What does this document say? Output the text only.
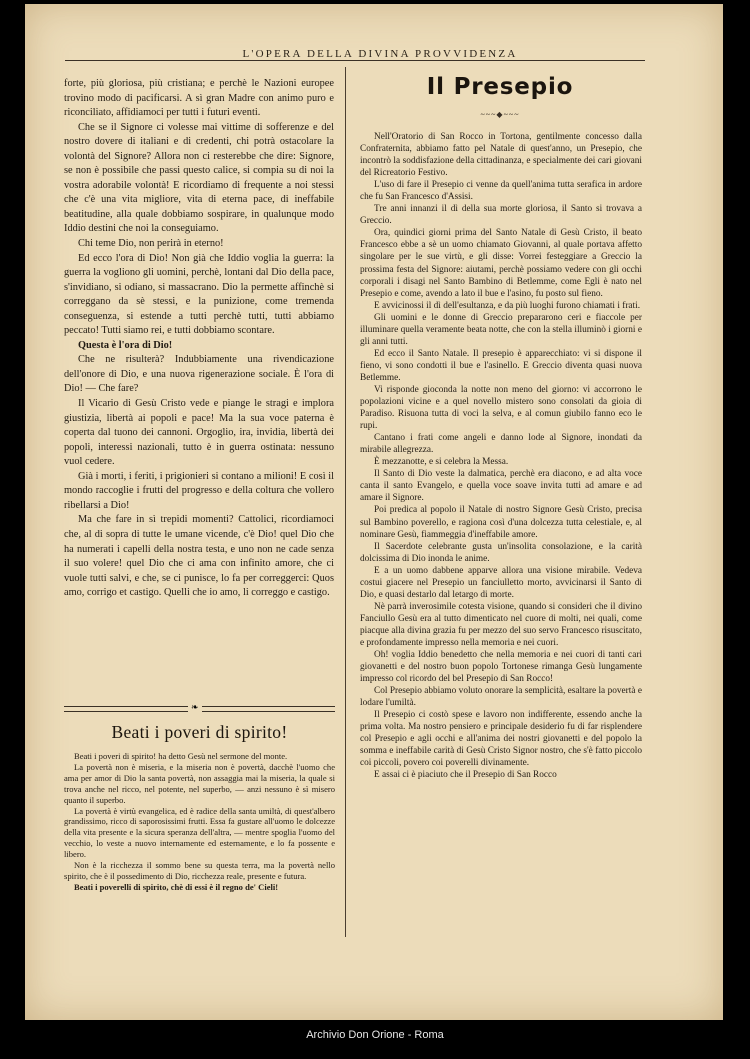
L'OPERA DELLA DIVINA PROVVIDENZA

forte, più gloriosa, più cristiana; e perchè le Nazioni europee trovino modo di pacificarsi. A sì gran Madre con animo puro e riconciliato, affidiamoci per tutti i futuri eventi.

Che se il Signore ci volesse mai vittime di sofferenze e del nostro dovere di italiani e di credenti, chi potrà ostacolare la volontà del Signore? Allora non ci resterebbe che dire: Signore, se non è possibile che passi questo calice, si compia su di noi la vostra adorabile volontà! E ricordiamo di frequente a noi stessi che c'è una vita migliore, vita di eterna pace, di ineffabile beatitudine, alla quale dobbiamo sospirare, in qualunque modo Iddio destini che noi la conseguiamo.

Chi teme Dio, non perirà in eterno!

Ed ecco l'ora di Dio! Non già che Iddio voglia la guerra: la guerra la vogliono gli uomini, perchè, lontani dal Dio della pace, s'invidiano, si odiano, si massacrano. Dio la permette affinchè si correggano da sè stessi, e la punizione, come tremenda conseguenza, si estende a tutti perchè tutti, tutti abbiamo peccato! Tutti siamo rei, e tutti dobbiamo scontare.

Questa è l'ora di Dio!

Che ne risulterà? Indubbiamente una rivendicazione dell'onore di Dio, e una nuova rigenerazione sociale. È l'ora di Dio! — Che fare?

Il Vicario di Gesù Cristo vede e piange le stragi e implora giustizia, libertà ai popoli e pace! Ma la sua voce paterna è coperta dal tuono dei cannoni. Orgoglio, ira, invidia, libertà dei popoli, interessi nazionali, tutto è in guerra ostinata: nessuno vuol cedere.

Già i morti, i feriti, i prigionieri si contano a milioni! E così il mondo raccoglie i frutti del progresso e della coltura che vollero ribellarsi a Dio!

Ma che fare in sì trepidi momenti? Cattolici, ricordiamoci che, al di sopra di tutte le umane vicende, c'è Dio! quel Dio che ha numerati i capelli della nostra testa, e uno non ne cade senza il suo volere! quel Dio che ci ama con infinito amore, che ci vuole tutti salvi, e che, se ci punisce, lo fa per correggerci: Quos amo, corrigo et castigo. Quelli che io amo, li correggo e castigo.

❧
Beati i poveri di spirito!

Beati i poveri di spirito! ha detto Gesù nel sermone del monte.

La povertà non è miseria, e la miseria non è povertà, dacchè l'uomo che ama per amor di Dio la santa povertà, non assaggia mai la miseria, la quale si trova anche nel ricco, nel potente, nel superbo, — anzi nessuno è sì misero quanto il superbo.

La povertà è virtù evangelica, ed è radice della santa umiltà, di quest'albero grandissimo, ricco di saporosissimi frutti. Essa fa gustare all'uomo le dolcezze della vita presente e la sicura speranza dell'altra, — mentre spoglia l'uomo del vecchio, lo veste a nuovo internamente ed esternamente, e lo fa possente e libero.

Non è la ricchezza il sommo bene su questa terra, ma la povertà nello spirito, che è il possedimento di Dio, ricchezza reale, presente e futura.

Beati i poverelli di spirito, chè di essi è il regno de' Cieli!

Il Presepio
~~~◆~~~

Nell'Oratorio di San Rocco in Tortona, gentilmente concesso dalla Confraternita, abbiamo fatto pel Natale di quest'anno, un Presepio, che incontrò la soddisfazione della cittadinanza, e specialmente dei cari giovani del Ricreatorio Festivo.

L'uso di fare il Presepio ci venne da quell'anima tutta serafica in ardore che fu San Francesco d'Assisi.

Tre anni innanzi il dì della sua morte gloriosa, il Santo si trovava a Greccio.

Ora, quindici giorni prima del Santo Natale di Gesù Cristo, il beato Francesco ebbe a sè un uomo chiamato Giovanni, al quale portava affetto singolare per le sue virtù, e gli disse: Vorrei festeggiare a Greccio la prossima festa del Signore: aiutami, perchè possiamo vedere con gli occhi corporali i disagi nel Santo Bambino di Betlemme, come Egli è nato nel Presepio e come, avendo a lato il bue e l'asino, fu posto sul fieno.

E avvicinossi il dì dell'esultanza, e da più luoghi furono chiamati i frati.

Gli uomini e le donne di Greccio prepararono ceri e fiaccole per illuminare quella veramente beata notte, che con la stella illuminò i giorni e gli anni tutti.

Ed ecco il Santo Natale. Il presepio è apparecchiato: vi si dispone il fieno, vi sono condotti il bue e l'asinello. E Greccio diventa quasi nuova Betlemme.

Vi risponde gioconda la notte non meno del giorno: vi accorrono le popolazioni vicine e a quel novello mistero sono consolati da gioia di Paradiso. Risuona tutta di voci la selva, e al comun giubilo fanno eco le rupi.

Cantano i frati come angeli e danno lode al Signore, inondati da mirabile allegrezza.

È mezzanotte, e si celebra la Messa.

Il Santo di Dio veste la dalmatica, perchè era diacono, e ad alta voce canta il santo Evangelo, e quella voce soave invita tutti ad amare e ad amare il Signore.

Poi predica al popolo il Natale di nostro Signore Gesù Cristo, precisa sul Bambino poverello, e ragiona così d'una dolcezza tutta celestiale, e, al nominare Gesù, fiammeggia d'ineffabile amore.

Il Sacerdote celebrante gusta un'insolita consolazione, e la carità dolcissima di Dio inonda le anime.

E a un uomo dabbene apparve allora una visione mirabile. Vedeva costui giacere nel Presepio un fanciulletto morto, avvicinarsi il Santo di Dio, e quasi destarlo dal letargo di morte.

Nè parrà inverosimile cotesta visione, quando si consideri che il divino Fanciullo Gesù era al tutto dimenticato nel cuore di molti, nei quali, come piacque alla divina grazia fu per mezzo del suo servo Francesco risuscitato, e profondamente impresso nella memoria e nei cuori.

Oh! voglia Iddio benedetto che nella memoria e nei cuori di tanti cari giovanetti e del nostro buon popolo Tortonese rimanga Gesù lungamente impresso col ricordo del bel Presepio di San Rocco!

Col Presepio abbiamo voluto onorare la semplicità, esaltare la povertà e lodare l'umiltà.

Il Presepio ci costò spese e lavoro non indifferente, essendo anche la prima volta. Ma nostro pensiero e principale desiderio fu di far risplendere col Presepio e agli occhi e all'anima dei nostri giovanetti e del popolo la somma e ineffabile carità di Gesù Cristo Signor nostro, che s'è fatto piccolo coi piccoli, povero coi poverelli divinamente.

E assai ci è piaciuto che il Presepio di San Rocco

Archivio Don Orione - Roma
